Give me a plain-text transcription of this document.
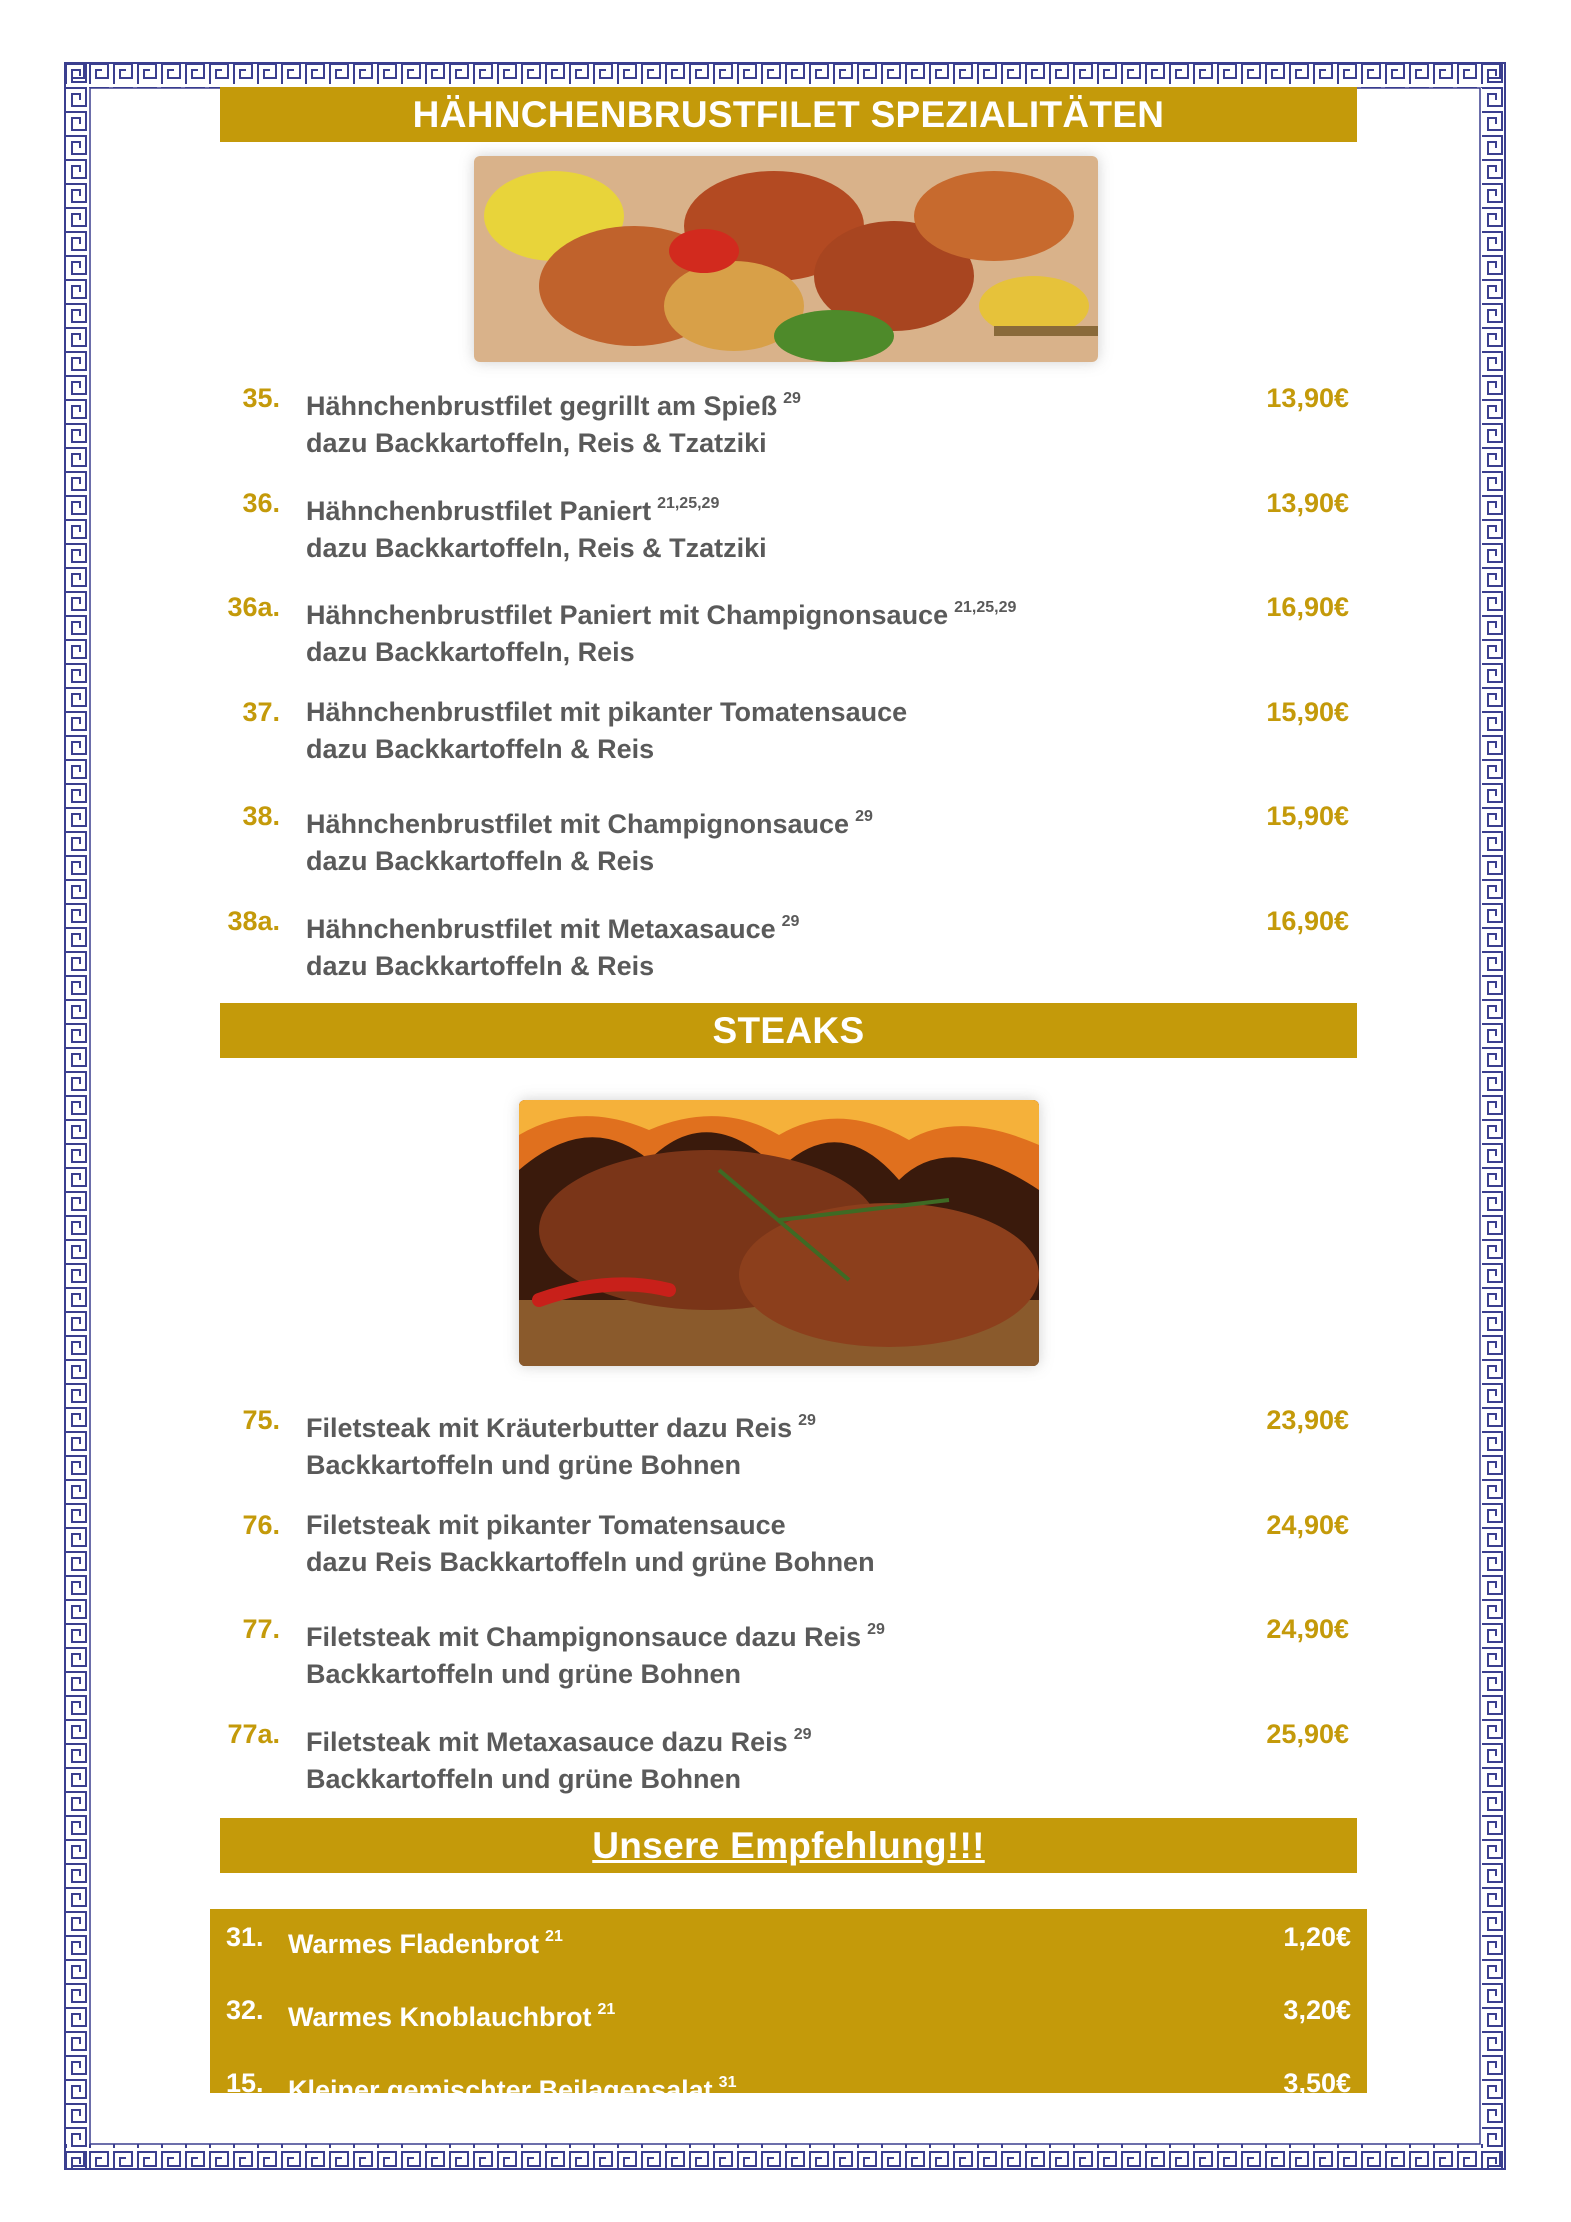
HÄHNCHENBRUSTFILET SPEZIALITÄTEN
35. Hähnchenbrustfilet gegrillt am Spieß $^{29}$
dazu Backkartoffeln, Reis & Tzatziki
13,90€
36. Hähnchenbrustfilet Paniert $^{21,25,29}$
dazu Backkartoffeln, Reis & Tzatziki
13,90€
36a. Hähnchenbrustfilet Paniert mit Champignonsauce $^{21,25,29}$
dazu Backkartoffeln, Reis
16,90€
37. Hähnchenbrustfilet mit pikanter Tomatensauce
dazu Backkartoffeln & Reis
15,90€
38. Hähnchenbrustfilet mit Champignonsauce $^{29}$
dazu Backkartoffeln & Reis
15,90€
38a. Hähnchenbrustfilet mit Metaxasauce $^{29}$
dazu Backkartoffeln & Reis
16,90€
STEAKS
75. Filetsteak mit Kräuterbutter dazu Reis $^{29}$
Backkartoffeln und grüne Bohnen
23,90€
76. Filetsteak mit pikanter Tomatensauce
dazu Reis Backkartoffeln und grüne Bohnen
24,90€
77. Filetsteak mit Champignonsauce dazu Reis $^{29}$
Backkartoffeln und grüne Bohnen
24,90€
77a. Filetsteak mit Metaxasauce dazu Reis $^{29}$
Backkartoffeln und grüne Bohnen
25,90€
Unsere Empfehlung!!!
31. Warmes Fladenbrot $^{21}$	1,20€
32. Warmes Knoblauchbrot $^{21}$	3,20€
15. Kleiner gemischter Beilagensalat $^{31}$	3,50€
